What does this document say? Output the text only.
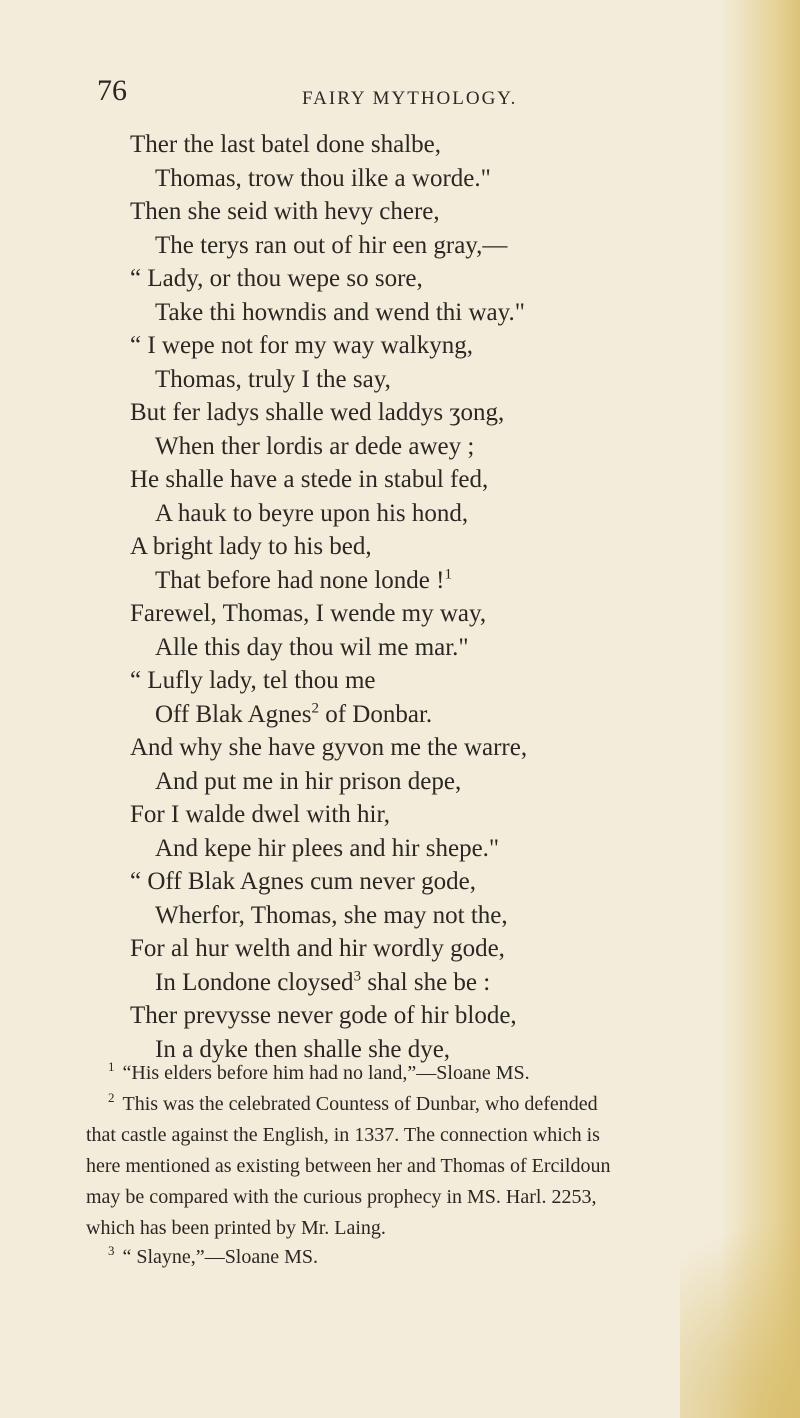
76	FAIRY MYTHOLOGY.
Ther the last batel done shalbe,
Thomas, trow thou ilke a worde."
Then she seid with hevy chere,
The terys ran out of hir een gray,—
“ Lady, or thou wepe so sore,
Take thi howndis and wend thi way."
“ I wepe not for my way walkyng,
Thomas, truly I the say,
But fer ladys shalle wed laddys ʒong,
When ther lordis ar dede awey ;
He shalle have a stede in stabul fed,
A hauk to beyre upon his hond,
A bright lady to his bed,
That before had none londe !$^1$
Farewel, Thomas, I wende my way,
Alle this day thou wil me mar."
“ Lufly lady, tel thou me
Off Blak Agnes$^2$ of Donbar.
And why she have gyvon me the warre,
And put me in hir prison depe,
For I walde dwel with hir,
And kepe hir plees and hir shepe."
“ Off Blak Agnes cum never gode,
Wherfor, Thomas, she may not the,
For al hur welth and hir wordly gode,
In Londone cloysed$^3$ shal she be :
Ther prevysse never gode of hir blode,
In a dyke then shalle she dye,
$^1$ “His elders before him had no land,”—Sloane MS.
$^2$ This was the celebrated Countess of Dunbar, who defended
that castle against the English, in 1337. The connection which is
here mentioned as existing between her and Thomas of Ercildoun
may be compared with the curious prophecy in MS. Harl. 2253,
which has been printed by Mr. Laing.
$^3$ “ Slayne,”—Sloane MS.
